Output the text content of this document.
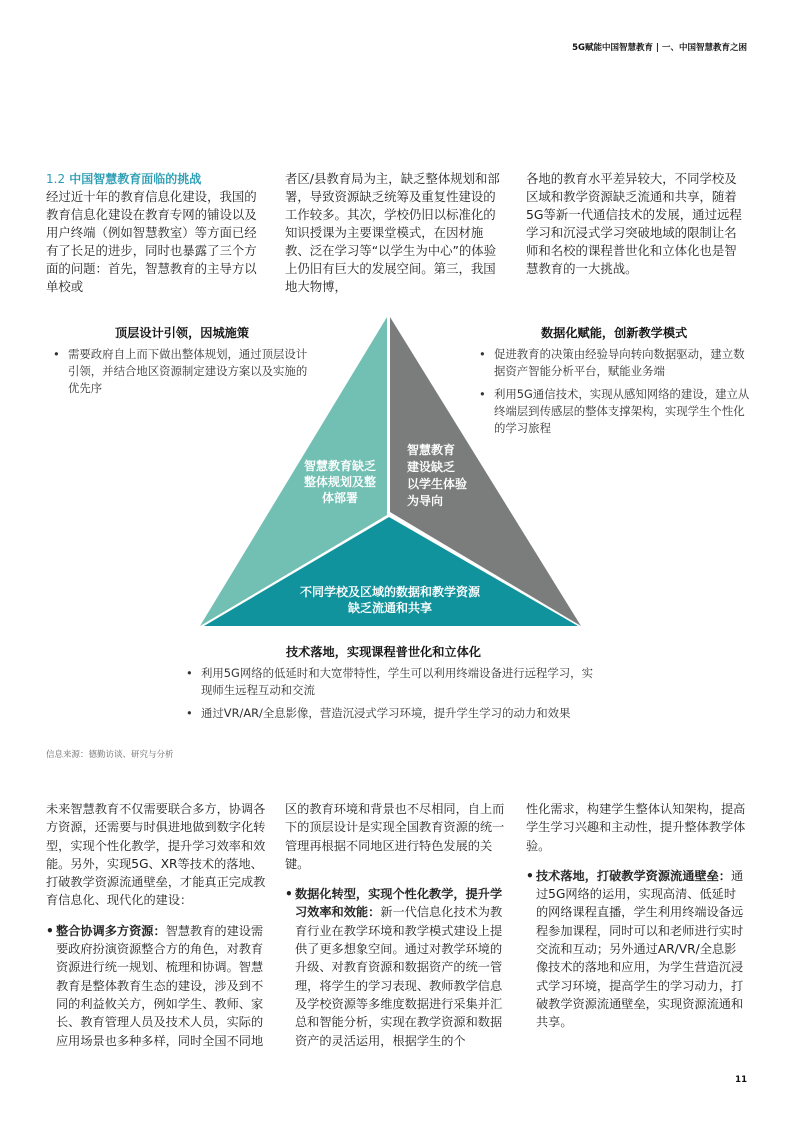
5G赋能中国智慧教育 | 一、中国智慧教育之困
1.2 中国智慧教育面临的挑战

经过近十年的教育信息化建设，我国的教育信息化建设在教育专网的铺设以及用户终端（例如智慧教室）等方面已经有了长足的进步，同时也暴露了三个方面的问题：首先，智慧教育的主导方以单校或

者区/县教育局为主，缺乏整体规划和部署，导致资源缺乏统筹及重复性建设的工作较多。其次，学校仍旧以标准化的知识授课为主要课堂模式，在因材施教、泛在学习等“以学生为中心”的体验上仍旧有巨大的发展空间。第三，我国地大物博，

各地的教育水平差异较大，不同学校及区域和教学资源缺乏流通和共享，随着5G等新一代通信技术的发展，通过远程学习和沉浸式学习突破地域的限制让名师和名校的课程普世化和立体化也是智慧教育的一大挑战。

智慧教育缺乏
整体规划及整
体部署
智慧教育
建设缺乏
以学生体验
为导向
不同学校及区域的数据和教学资源
缺乏流通和共享
顶层设计引领，因城施策
• 需要政府自上而下做出整体规划，通过顶层设计引领，并结合地区资源制定建设方案以及实施的优先序
数据化赋能，创新教学模式
• 促进教育的决策由经验导向转向数据驱动，建立数据资产智能分析平台，赋能业务端
• 利用5G通信技术，实现从感知网络的建设，建立从终端层到传感层的整体支撑架构，实现学生个性化的学习旅程
技术落地，实现课程普世化和立体化
• 利用5G网络的低延时和大宽带特性，学生可以利用终端设备进行远程学习，实现师生远程互动和交流
• 通过VR/AR/全息影像，营造沉浸式学习环境，提升学生学习的动力和效果
信息来源：德勤访谈、研究与分析

未来智慧教育不仅需要联合多方，协调各方资源，还需要与时俱进地做到数字化转型，实现个性化教学，提升学习效率和效能。另外，实现5G、XR等技术的落地、打破教学资源流通壁垒，才能真正完成教育信息化、现代化的建设：

• 整合协调多方资源：智慧教育的建设需要政府扮演资源整合方的角色，对教育资源进行统一规划、梳理和协调。智慧教育是整体教育生态的建设，涉及到不同的利益攸关方，例如学生、教师、家长、教育管理人员及技术人员，实际的应用场景也多种多样，同时全国不同地

区的教育环境和背景也不尽相同，自上而下的顶层设计是实现全国教育资源的统一管理再根据不同地区进行特色发展的关键。

• 数据化转型，实现个性化教学，提升学习效率和效能：新一代信息化技术为教育行业在教学环境和教学模式建设上提供了更多想象空间。通过对教学环境的升级、对教育资源和数据资产的统一管理，将学生的学习表现、教师教学信息及学校资源等多维度数据进行采集并汇总和智能分析，实现在教学资源和数据资产的灵活运用，根据学生的个

性化需求，构建学生整体认知架构，提高学生学习兴趣和主动性，提升整体教学体验。

• 技术落地，打破教学资源流通壁垒：通过5G网络的运用，实现高清、低延时的网络课程直播，学生利用终端设备远程参加课程，同时可以和老师进行实时交流和互动；另外通过AR/VR/全息影像技术的落地和应用，为学生营造沉浸式学习环境，提高学生的学习动力，打破教学资源流通壁垒，实现资源流通和共享。
11
